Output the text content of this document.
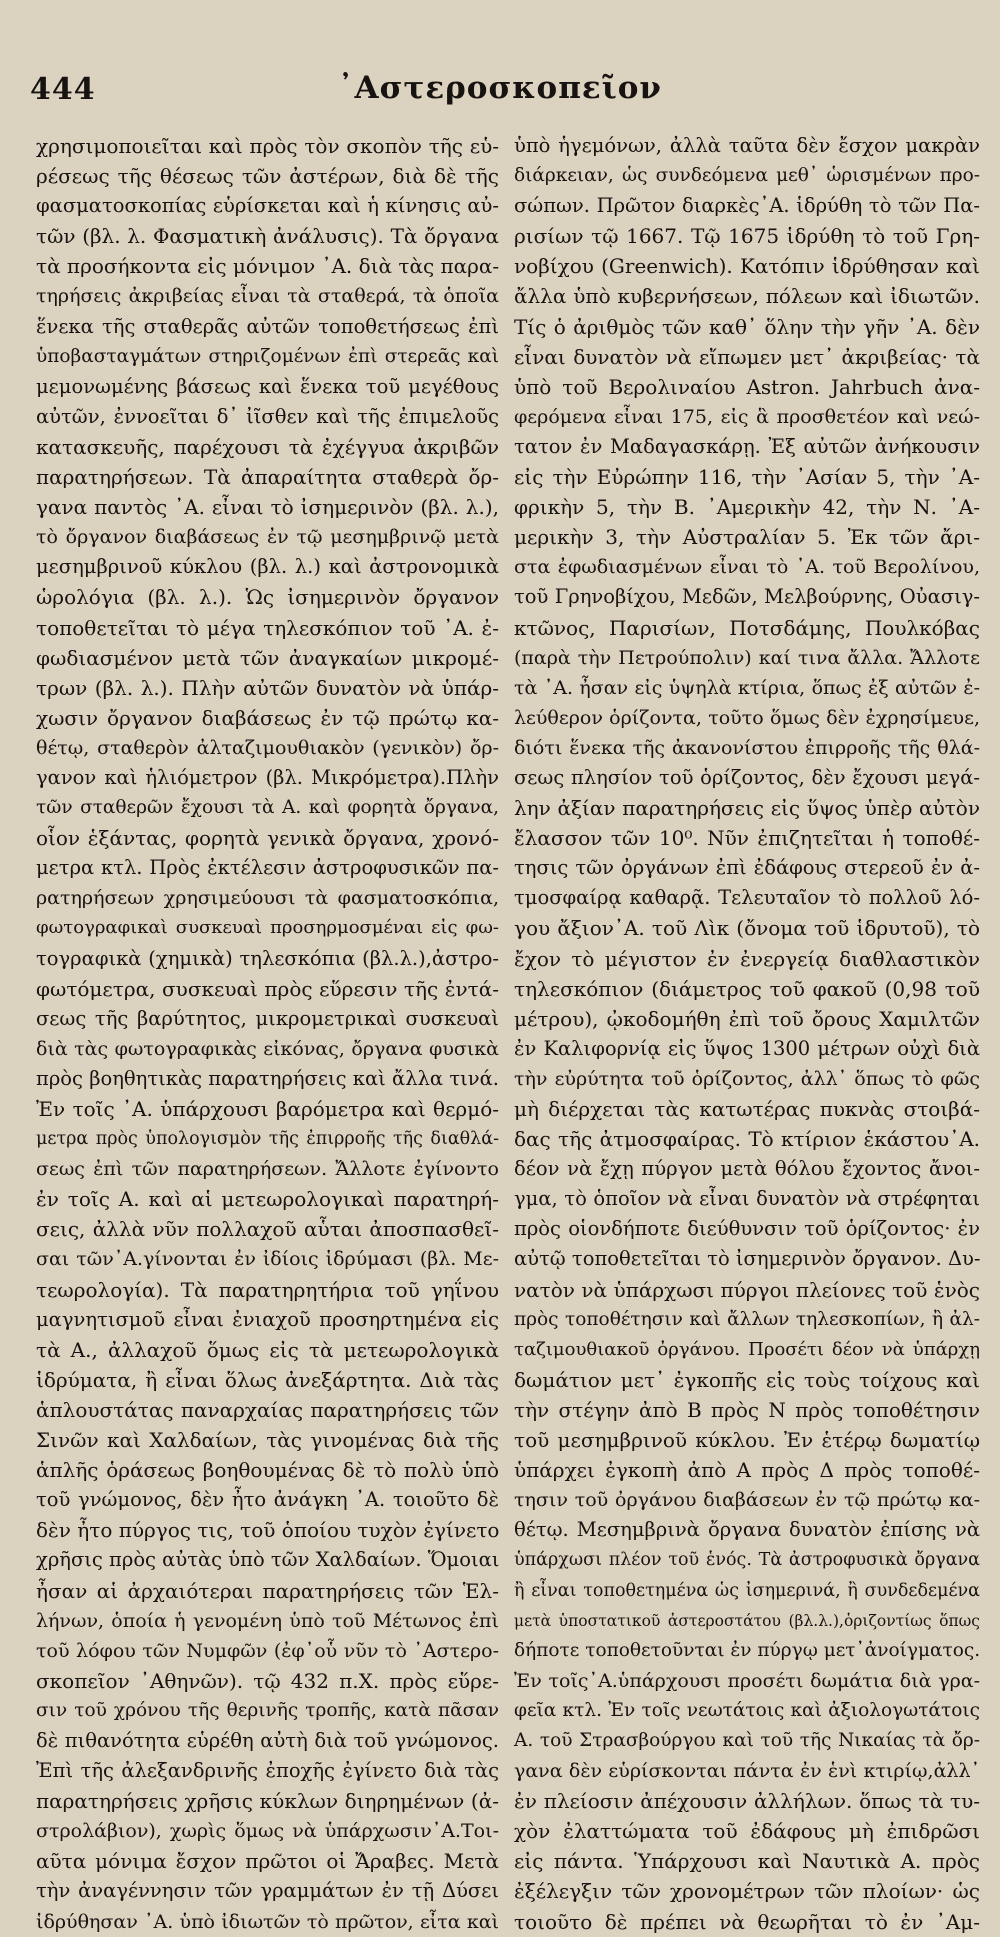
444	᾿Αστεροσκοπεῖον
χρησιμοποιεῖται καὶ πρὸς τὸν σκοπὸν τῆς εὑ-
ρέσεως τῆς θέσεως τῶν ἀστέρων, διὰ δὲ τῆς
φασματοσκοπίας εὑρίσκεται καὶ ἡ κίνησις αὐ-
τῶν (βλ. λ. Φασματικὴ ἀνάλυσις). Τὰ ὄργανα
τὰ προσήκοντα εἰς μόνιμον ᾿Α. διὰ τὰς παρα-
τηρήσεις ἀκριβείας εἶναι τὰ σταθερά, τὰ ὁποῖα
ἕνεκα τῆς σταθερᾶς αὐτῶν τοποθετήσεως ἐπὶ
ὑποβασταγμάτων στηριζομένων ἐπὶ στερεᾶς καὶ
μεμονωμένης βάσεως καὶ ἕνεκα τοῦ μεγέθους
αὐτῶν, ἐννοεῖται δ᾿ ἰῖσθεν καὶ τῆς ἐπιμελοῦς
κατασκευῆς, παρέχουσι τὰ ἐχέγγυα ἀκριβῶν
παρατηρήσεων. Τὰ ἀπαραίτητα σταθερὰ ὄρ-
γανα παντὸς ᾿Α. εἶναι τὸ ἰσημερινὸν (βλ. λ.),
τὸ ὄργανον διαβάσεως ἐν τῷ μεσημβρινῷ μετὰ
μεσημβρινοῦ κύκλου (βλ. λ.) καὶ ἀστρονομικὰ
ὡρολόγια (βλ. λ.). Ὡς ἰσημερινὸν ὄργανον
τοποθετεῖται τὸ μέγα τηλεσκόπιον τοῦ ᾿Α. ἐ-
φωδιασμένον μετὰ τῶν ἀναγκαίων μικρομέ-
τρων (βλ. λ.). Πλὴν αὐτῶν δυνατὸν νὰ ὑπάρ-
χωσιν ὄργανον διαβάσεως ἐν τῷ πρώτῳ κα-
θέτῳ, σταθερὸν ἀλταζιμουθιακὸν (γενικὸν) ὄρ-
γανον καὶ ἡλιόμετρον (βλ. Μικρόμετρα).Πλὴν
τῶν σταθερῶν ἔχουσι τὰ Α. καὶ φορητὰ ὄργανα,
οἷον ἑξάντας, φορητὰ γενικὰ ὄργανα, χρονό-
μετρα κτλ. Πρὸς ἐκτέλεσιν ἀστροφυσικῶν πα-
ρατηρήσεων χρησιμεύουσι τὰ φασματοσκόπια,
φωτογραφικαὶ συσκευαὶ προσηρμοσμέναι εἰς φω-
τογραφικὰ (χημικὰ) τηλεσκόπια (βλ.λ.),ἀστρο-
φωτόμετρα, συσκευαὶ πρὸς εὕρεσιν τῆς ἐντά-
σεως τῆς βαρύτητος, μικρομετρικαὶ συσκευαὶ
διὰ τὰς φωτογραφικὰς εἰκόνας, ὄργανα φυσικὰ
πρὸς βοηθητικὰς παρατηρήσεις καὶ ἄλλα τινά.
Ἐν τοῖς ᾿Α. ὑπάρχουσι βαρόμετρα καὶ θερμό-
μετρα πρὸς ὑπολογισμὸν τῆς ἐπιρροῆς τῆς διαθλά-
σεως ἐπὶ τῶν παρατηρήσεων. Ἄλλοτε ἐγίνοντο
ἐν τοῖς Α. καὶ αἱ μετεωρολογικαὶ παρατηρή-
σεις, ἀλλὰ νῦν πολλαχοῦ αὗται ἀποσπασθεῖ-
σαι τῶν᾿Α.γίνονται ἐν ἰδίοις ἱδρύμασι (βλ. Με-
τεωρολογία). Τὰ παρατηρητήρια τοῦ γηΐνου
μαγνητισμοῦ εἶναι ἐνιαχοῦ προσηρτημένα εἰς
τὰ Α., ἀλλαχοῦ ὅμως εἰς τὰ μετεωρολογικὰ
ἱδρύματα, ἢ εἶναι ὅλως ἀνεξάρτητα. Διὰ τὰς
ἁπλουστάτας παναρχαίας παρατηρήσεις τῶν
Σινῶν καὶ Χαλδαίων, τὰς γινομένας διὰ τῆς
ἁπλῆς ὁράσεως βοηθουμένας δὲ τὸ πολὺ ὑπὸ
τοῦ γνώμονος, δὲν ἦτο ἀνάγκη ᾿Α. τοιοῦτο δὲ
δὲν ἦτο πύργος τις, τοῦ ὁποίου τυχὸν ἐγίνετο
χρῆσις πρὸς αὐτὰς ὑπὸ τῶν Χαλδαίων. Ὅμοιαι
ἦσαν αἱ ἀρχαιότεραι παρατηρήσεις τῶν Ἑλ-
λήνων, ὁποία ἡ γενομένη ὑπὸ τοῦ Μέτωνος ἐπὶ
τοῦ λόφου τῶν Νυμφῶν (ἐφ᾿οὗ νῦν τὸ ᾿Αστερο-
σκοπεῖον ᾿Αθηνῶν). τῷ 432 π.Χ. πρὸς εὕρε-
σιν τοῦ χρόνου τῆς θερινῆς τροπῆς, κατὰ πᾶσαν
δὲ πιθανότητα εὑρέθη αὐτὴ διὰ τοῦ γνώμονος.
Ἐπὶ τῆς ἀλεξανδρινῆς ἐποχῆς ἐγίνετο διὰ τὰς
παρατηρήσεις χρῆσις κύκλων διηρημένων (ἀ-
στρολάβιον), χωρὶς ὅμως νὰ ὑπάρχωσιν᾿Α.Τοι-
αῦτα μόνιμα ἔσχον πρῶτοι οἱ Ἄραβες. Μετὰ
τὴν ἀναγέννησιν τῶν γραμμάτων ἐν τῇ Δύσει
ἱδρύθησαν ᾿Α. ὑπὸ ἰδιωτῶν τὸ πρῶτον, εἶτα καὶ
ὑπὸ ἡγεμόνων, ἀλλὰ ταῦτα δὲν ἔσχον μακρὰν
διάρκειαν, ὡς συνδεόμενα μεθ᾿ ὡρισμένων προ-
σώπων. Πρῶτον διαρκὲς᾿Α. ἱδρύθη τὸ τῶν Πα-
ρισίων τῷ 1667. Τῷ 1675 ἱδρύθη τὸ τοῦ Γρη-
νοβίχου (Greenwich). Κατόπιν ἱδρύθησαν καὶ
ἄλλα ὑπὸ κυβερνήσεων, πόλεων καὶ ἰδιωτῶν.
Τίς ὁ ἀριθμὸς τῶν καθ᾿ ὅλην τὴν γῆν ᾿Α. δὲν
εἶναι δυνατὸν νὰ εἴπωμεν μετ᾿ ἀκριβείας· τὰ
ὑπὸ τοῦ Βερολιναίου Astron. Jahrbuch ἀνα-
φερόμενα εἶναι 175, εἰς ἃ προσθετέον καὶ νεώ-
τατον ἐν Μαδαγασκάρῃ. Ἐξ αὐτῶν ἀνήκουσιν
εἰς τὴν Εὐρώπην 116, τὴν ᾿Ασίαν 5, τὴν ᾿Α-
φρικὴν 5, τὴν Β. ᾿Αμερικὴν 42, τὴν Ν. ᾿Α-
μερικὴν 3, τὴν Αὐστραλίαν 5. Ἐκ τῶν ἄρι-
στα ἐφωδιασμένων εἶναι τὸ ᾿Α. τοῦ Βερολίνου,
τοῦ Γρηνοβίχου, Μεδῶν, Μελβούρνης, Οὐασιγ-
κτῶνος, Παρισίων, Ποτσδάμης, Πουλκόβας
(παρὰ τὴν Πετρούπολιν) καί τινα ἄλλα. Ἄλλοτε
τὰ ᾿Α. ἦσαν εἰς ὑψηλὰ κτίρια, ὅπως ἐξ αὐτῶν ἐ-
λεύθερον ὁρίζοντα, τοῦτο ὅμως δὲν ἐχρησίμευε,
διότι ἕνεκα τῆς ἀκανονίστου ἐπιρροῆς τῆς θλά-
σεως πλησίον τοῦ ὁρίζοντος, δὲν ἔχουσι μεγά-
λην ἀξίαν παρατηρήσεις εἰς ὕψος ὑπὲρ αὐτὸν
ἔλασσον τῶν 10⁰. Νῦν ἐπιζητεῖται ἡ τοποθέ-
τησις τῶν ὀργάνων ἐπὶ ἐδάφους στερεοῦ ἐν ἀ-
τμοσφαίρᾳ καθαρᾷ. Τελευταῖον τὸ πολλοῦ λό-
γου ἄξιον᾿Α. τοῦ Λὶκ (ὄνομα τοῦ ἱδρυτοῦ), τὸ
ἔχον τὸ μέγιστον ἐν ἐνεργείᾳ διαθλαστικὸν
τηλεσκόπιον (διάμετρος τοῦ φακοῦ (0,98 τοῦ
μέτρου), ᾠκοδομήθη ἐπὶ τοῦ ὄρους Χαμιλτῶν
ἐν Καλιφορνίᾳ εἰς ὕψος 1300 μέτρων οὐχὶ διὰ
τὴν εὐρύτητα τοῦ ὁρίζοντος, ἀλλ᾿ ὅπως τὸ φῶς
μὴ διέρχεται τὰς κατωτέρας πυκνὰς στοιβά-
δας τῆς ἀτμοσφαίρας. Τὸ κτίριον ἑκάστου᾿Α.
δέον νὰ ἔχῃ πύργον μετὰ θόλου ἔχοντος ἄνοι-
γμα, τὸ ὁποῖον νὰ εἶναι δυνατὸν νὰ στρέφηται
πρὸς οἱονδήποτε διεύθυνσιν τοῦ ὁρίζοντος· ἐν
αὐτῷ τοποθετεῖται τὸ ἰσημερινὸν ὄργανον. Δυ-
νατὸν νὰ ὑπάρχωσι πύργοι πλείονες τοῦ ἑνὸς
πρὸς τοποθέτησιν καὶ ἄλλων τηλεσκοπίων, ἢ ἀλ-
ταζιμουθιακοῦ ὀργάνου. Προσέτι δέον νὰ ὑπάρχῃ
δωμάτιον μετ᾿ ἐγκοπῆς εἰς τοὺς τοίχους καὶ
τὴν στέγην ἀπὸ Β πρὸς Ν πρὸς τοποθέτησιν
τοῦ μεσημβρινοῦ κύκλου. Ἐν ἑτέρῳ δωματίῳ
ὑπάρχει ἐγκοπὴ ἀπὸ Α πρὸς Δ πρὸς τοποθέ-
τησιν τοῦ ὀργάνου διαβάσεων ἐν τῷ πρώτῳ κα-
θέτῳ. Μεσημβρινὰ ὄργανα δυνατὸν ἐπίσης νὰ
ὑπάρχωσι πλέον τοῦ ἑνός. Τὰ ἀστροφυσικὰ ὄργανα
ἢ εἶναι τοποθετημένα ὡς ἰσημερινά, ἢ συνδεδεμένα
μετὰ ὑποστατικοῦ ἀστεροστάτου (βλ.λ.),ὁριζοντίως ὅπως
δήποτε τοποθετοῦνται ἐν πύργῳ μετ᾿ἀνοίγματος.
Ἐν τοῖς᾿Α.ὑπάρχουσι προσέτι δωμάτια διὰ γρα-
φεῖα κτλ. Ἐν τοῖς νεωτάτοις καὶ ἀξιολογωτάτοις
Α. τοῦ Στρασβούργου καὶ τοῦ τῆς Νικαίας τὰ ὄρ-
γανα δὲν εὑρίσκονται πάντα ἐν ἑνὶ κτιρίῳ,ἀλλ᾿
ἐν πλείοσιν ἀπέχουσιν ἀλλήλων. ὅπως τὰ τυ-
χὸν ἐλαττώματα τοῦ ἐδάφους μὴ ἐπιδρῶσι
εἰς πάντα. Ὑπάρχουσι καὶ Ναυτικὰ Α. πρὸς
ἐξέλεγξιν τῶν χρονομέτρων τῶν πλοίων· ὡς
τοιοῦτο δὲ πρέπει νὰ θεωρῆται τὸ ἐν ᾿Αμ-
